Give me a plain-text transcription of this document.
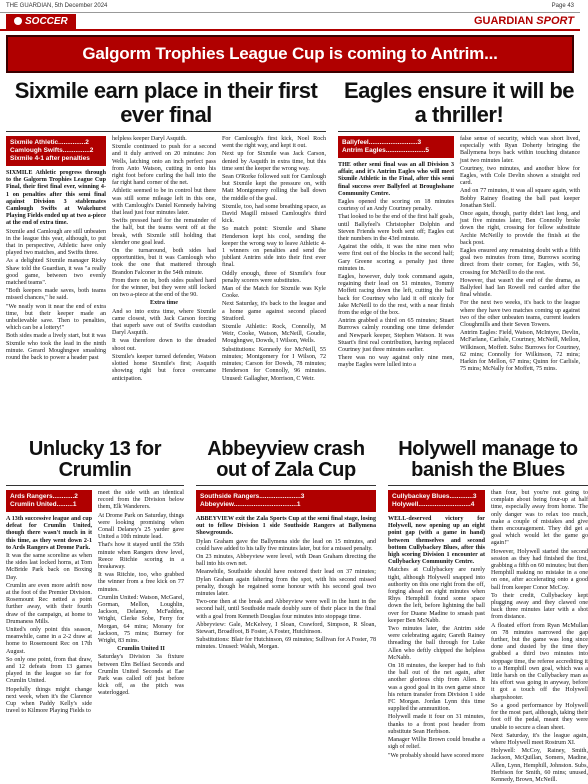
THE GUARDIAN, 5th December 2024	Page 43
SOCCER	GUARDIAN SPORT
Galgorm Trophies League Cup is coming to Antrim...
Sixmile earn place in their first ever final
Sixmile Athletic...............2
Camlough Swifts...............2
Sixmile 4-1 after penalties

SIXMILE Athletic progress through to the Galgorm Trophies League Cup Final, their first final ever, winning 4-1 on penalties after this semi final against Division 3 stablemates Camlough Swifts at Wakehurst Playing Fields ended up at two a-piece at the end of extra time.

Sixmile and Camlough are still unbeaten in the league this year, although, to put that in perspective, Athletic have only played two matches, and Swifts three.

As a delighted Sixmile manager Ricky Shaw told the Guardian, it was "a really good game, between two evenly matched teams".

"Both keepers made saves, both teams missed chances," he said.

"We neatly won it near the end of extra time, but their keeper made an unbelievable save. Then to penalties, which can be a lottery!"

Both sides made a lively start, but it was Sixmile who took the lead in the ninth minute. Gerard Moughngwe smashing round the back to power a header past

helpless keeper Daryl Asquith.

Sixmile continued to push for a second and it duly arrived on 20 minutes: Jon Wells, latching onto an inch perfect pass from Anto Watson, cutting in onto his right foot before curling the ball into the far right hand corner of the net.

Athletic seemed to be in control but there was still some mileage left in this one, with Camlough's Daniel Kennedy halving that lead just four minutes later.

Swifts pressed hard for the remainder of the half, but the teams went off at the break, with Sixmile still holding that slender one goal lead.

On the turnaround, both sides had opportunities, but it was Camlough who took the one that mattered through Brandon Falconer in the 54th minute.

From there on in, both sides pushed hard for the winner, but they were still locked on two a-piece at the end of the 90.

Extra time

And so into extra time, where Sixmile came closest, with Jack Carson forcing that superb save out of Swifts custodian Daryl Asquith.

It was therefore down to the dreaded shoot out.

Sixmile's keeper turned defender, Watson slotted home Sixmile's first; Asquith showing right but force overcame anticipation.

For Camlough's first kick, Noel Roch went the right way, and kept it out.

Next up for Sixmile was Jack Carson, denied by Asquith in extra time, but this time sent the keeper the wrong way.

Sean O'Rorke followed suit for Camlough but Sixmile kept the pressure on, with Matt Montgomery rolling the ball down the middle of the goal.

Sixmile, too, had some breathing space, as David Magill missed Camlough's third kick.

So match point: Sixmile and Shane Henderson kept his cool, sending the keeper the wrong way to leave Athletic 4-1 winners on penalties and send the jubilant Antrim side into their first ever final.

Oddly enough, three of Sixmile's four penalty scorers were substitutes.

Man of the Match for Sixmile was Kyle Cooke.

Next Saturday, it's back to the league and a home game against second placed Stratford.

Sixmile Athletic: Rock, Connolly, M Weir, Cooke, Watson, McNeill, Goudie, Moughngwe, Dowds, I Wilson, Wells.

Substitutions: Kennedy for McNeill, 55 minutes; Montgomery for I Wilson, 72 minutes; Carson for Dowds, 78 minutes; Henderson for Connolly, 96 minutes. Unused: Gallagher, Morrison, C Weir.

Eagles ensure it will be a thriller!
Ballyfeel...........................3
Antrim Eagles......................5

THE other semi final was an all Division 3 affair, and it's Antrim Eagles who will meet Sixmile Athletic in the Final, after this semi final success over Ballyfeel at Broughshane Community Centre.

Eagles opened the scoring on 18 minutes courtesy of an Andy Courtney penalty.

That looked to be the end of the first half goals, until Ballyfeel's Christopher Dolphin and Steven Friends were both sent off; Eagles cut their numbers in the 43rd minute.

Against the odds, it was the nine men who were first out of the blocks in the second half; Gary Greene scoring a penalty just three minutes in.

Eagles, however, duly took command again, regaining their lead on 51 minutes, Tommy Moffett racing down the left, cutting the ball back for Courtney who laid it off nicely for Jake McNeill to do the rest, with a near finish from the edge of the box.

Antrim grabbed a third on 65 minutes; Stuart Burrows calmly rounding one time defender and Newpark keeper, Stephen Watson. It was Stuart's first real contribution, having replaced Courtney just three minutes earlier.

There was no way against only nine men, maybe Eagles were lulled into a

false sense of security, which was short lived, especially with Ryan Doherty bringing the Ballymena boys back within touching distance just two minutes later.

Courtney, two minutes, and another blow for Eagles, with Cole Devlin shown a straight red card.

And on 77 minutes, it was all square again, with Bobby Rainey floating the ball past keeper Jonathan Stell.

Once again, though, parity didn't last long, and just five minutes later, Ben Connolly broke down the right, crossing for fellow substitute Archie McNeilly to provide the finish at the back post.

Eagles ensured any remaining doubt with a fifth goal two minutes from time, Burrows scoring direct from their corner, for Eagles, with 56, crossing for McNeill to do the rest.

However, that wasn't the end of the drama, as Ballyfeel had Ian Rowell red carded after the final whistle.

For the next two weeks, it's back to the league where they have two matches coming up against two of the other unbeaten teams, current leaders Cloughmills and their Seven Towers.

Antrim Eagles: Field, Watson, McIntyre, Devlin, McFarlane, Carlisle, Courtney, McNeill, Mellon, Wilkinson, Moffett. Subs: Burrows for Courtney, 62 mins; Connolly for Wilkinson, 72 mins; Harkin for Mellon, 67 mins; Quinn for Carlisle, 75 mins; McNally for Moffett, 75 mins.

Unlucky 13 for Crumlin
Ards Rangers............2
Crumlin United.........1

A 13th successive league and cup defeat for Crumlin United, though there wasn't much in it this time, as they went down 2-1 to Ards Rangers at Drome Park.

It was the same scoreline as when the sides last locked horns, at Tom McBride Park back on Boxing Day.

Crumlin are even more adrift now at the foot of the Premier Division. Rosemount Rec netted a point further away, with their fourth draw of the campaign, at home to Drumaness Mills.

United's only point this season, meanwhile, came in a 2-2 draw at home to Rosemount Rec on 17th August.

So only one point, from that draw, and 12 defeats from 13 games played in the league so far for Crumlin United.

Hopefully things might change next week, when it's the Clarence Cup when Paddy Kelly's side travel to Kilmore Playing Fields to

meet the side with an identical record from the Division below them, Elk Wanderers.

At Drome Park on Saturday, things were looking promising when Conall Delaney's 25 yarder gave United a 10th minute lead.

That's how it stayed until the 55th minute when Rangers drew level, Reece Ritchie scoring in a breakaway.

It was Ritchie, too, who grabbed the winner from a free kick on 77 minutes.

Crumlin United: Watson, McGarel, Gorman, Mellon, Loughlin, Jackson, Delaney, McFadden, Wright, Clerke Sobe, Ferry for Morgan, 64 mins; Morany for Jackson, 75 mins; Burney for Wright, 83 mins.

Crumlin United II

Saturday's Division 3a fixture between Elm Belfast Seconds and Crumlin United Seconds at Eae Park was called off just before kick off, as the pitch was waterlogged.

Abbeyview crash out of Zala Cup
Southside Rangers.......................3
Abbeyview...................................1

ABBEYVIEW exit the Zala Sports Cup at the semi final stage, losing out to fellow Division 1 side Southside Rangers at Ballymena Showgrounds.

Dylan Graham gave the Ballymena side the lead on 15 minutes, and could have added to his tally five minutes later, but for a missed penalty.

On 23 minutes, Abbeyview were level, with Dean Graham directing the ball into his own net.

Meanwhile, Southside should have restored their lead on 37 minutes; Dylan Graham again faltering from the spot, with his second missed penalty, though he regained some honour with his second goal two minutes later.

Two-one then at the break and Abbeyview were well in the hunt in the second half, until Southside made doubly sure of their place in the final with a goal from Kenneth Douglas four minutes into stoppage time.

Abbeyview: Gale, McKelvey, I Sloan, Crawford, Simpson, R Sloan, Stewart, Broadfoot, B Foster, A Foster, Hutchinson.

Substitutions: Blair for Hutchinson, 69 minutes; Sullivan for A Foster, 78 minutes. Unused: Walsh, Morgan.

Holywell manage to banish the Blues
Cullybackey Blues.............3
Holywell.............................4

WELL-deserved victory for Holywell, now opening up an eight point gap (with a game in hand) between themselves and second bottom Cullybackey Blues, after this high scoring Division 1 encounter at Cullybackey Community Centre.

Matches at Cullybackey are rarely tight, although Holywell snapped into authority on this one right from the off, forging ahead on eight minutes when Rhys Hemphill found some space down the left, before lightning the ball over for Duane Madine to smash past keeper Ben McNabb.

Two minutes later, the Antrim side were celebrating again; Gareth Rainey threading the ball through for Luke Allen who deftly chipped the helpless McNabb.

On 18 minutes, the keeper had to fish the ball out of the net again, after another glorious chip from Allen. It was a good goal in its own game since his return transfer from Division 1 side FC Morgan. Jordan Lynn this time supplied the ammunition.

Holywell made it four on 31 minutes, thanks to a front post header from substitute Sean Herbison.

Manager Willie Brown could breathe a sigh of relief.

"We probably should have scored more

than four, but you're not going to complain about being four-up at half time, especially away from home. The only danger was to relax too much, make a couple of mistakes and give them encouragement. They did get a goal which would let the game go again!"

However, Holywell started the second session as they had finished the first, grabbing a fifth on 60 minutes; but then Hemphill making no mistake in a one on one, after accelerating onto a good ball from keeper Conor McCoy.

To their credit, Cullybackey kept plugging away and they clawed one back three minutes later with a shot from distance.

A floated effort from Ryan McMullan on 78 minutes narrowed the gap further, but the game was long since done and dusted by the time they grabbed a third two minutes into stoppage time, the referee accrediting it to a Hemphill own goal, which was a little harsh on the Cullybackey man as his effort was going in anyway, before it got a touch off the Holywell sharpshooter.

So a good performance by Holywell for the most part, although, taking their foot off the pedal, meant they were unable to secure a clean sheet.

Next Saturday, it's the league again, where Holywell meet Rostrum XI.

Holywell: McCoy, Rainey, Smith, Jackson, McQuillan, Somers, Madine, Allen, Lynn, Hemphill, Johnston. Subs, Herbison for Smith, 60 mins; unused, Kennedy, Brown, McNeill.
